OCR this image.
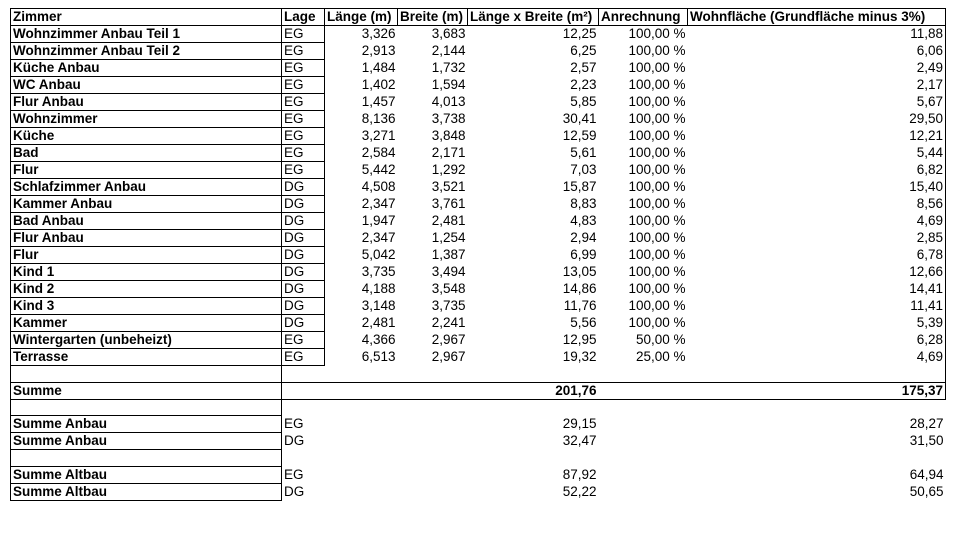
Zimmer	Lage	Länge (m)	Breite (m)	Länge x Breite (m²)	Anrechnung	Wohnfläche (Grundfläche minus 3%)
Wohnzimmer Anbau Teil 1	EG	3,326	3,683	12,25	100,00 %	11,88
Wohnzimmer Anbau Teil 2	EG	2,913	2,144	6,25	100,00 %	6,06
Küche Anbau	EG	1,484	1,732	2,57	100,00 %	2,49
WC Anbau	EG	1,402	1,594	2,23	100,00 %	2,17
Flur Anbau	EG	1,457	4,013	5,85	100,00 %	5,67
Wohnzimmer	EG	8,136	3,738	30,41	100,00 %	29,50
Küche	EG	3,271	3,848	12,59	100,00 %	12,21
Bad	EG	2,584	2,171	5,61	100,00 %	5,44
Flur	EG	5,442	1,292	7,03	100,00 %	6,82
Schlafzimmer Anbau	DG	4,508	3,521	15,87	100,00 %	15,40
Kammer Anbau	DG	2,347	3,761	8,83	100,00 %	8,56
Bad Anbau	DG	1,947	2,481	4,83	100,00 %	4,69
Flur Anbau	DG	2,347	1,254	2,94	100,00 %	2,85
Flur	DG	5,042	1,387	6,99	100,00 %	6,78
Kind 1	DG	3,735	3,494	13,05	100,00 %	12,66
Kind 2	DG	4,188	3,548	14,86	100,00 %	14,41
Kind 3	DG	3,148	3,735	11,76	100,00 %	11,41
Kammer	DG	2,481	2,241	5,56	100,00 %	5,39
Wintergarten (unbeheizt)	EG	4,366	2,967	12,95	50,00 %	6,28
Terrasse	EG	6,513	2,967	19,32	25,00 %	4,69

Summe				201,76		175,37

Summe Anbau	EG			29,15		28,27
Summe Anbau	DG			32,47		31,50

Summe Altbau	EG			87,92		64,94
Summe Altbau	DG			52,22		50,65
